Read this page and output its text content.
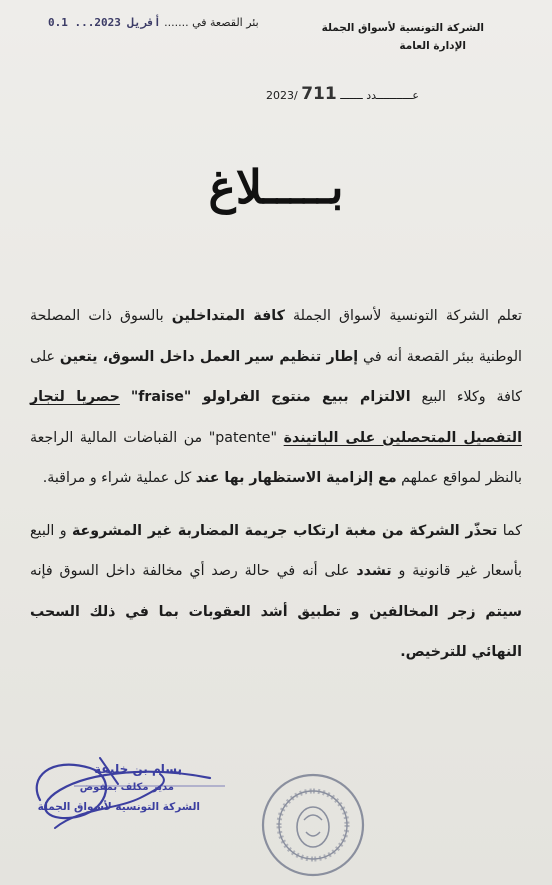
الشركة التونسية لأسواق الجملة
الإدارة العامة
0.1 ...أفريل 2023 بئر القصعة في .......
2023/	ـــــــ 711	عـــــــــــدد
بـــــلاغ

تعلم الشركة التونسية لأسواق الجملة كافة المتداخلين بالسوق ذات المصلحة الوطنية ببئر القصعة أنه في إطار تنظيم سير العمل داخل السوق، يتعين على كافة وكلاء البيع الالتزام ببيع منتوج الفراولو "fraise" حصريا لتجار التفصيل المتحصلين على الباتيندة "patente" من القباضات المالية الراجعة بالنظر لمواقع عملهم مع إلزامية الاستظهار بها عند كل عملية شراء و مراقبة.

كما تحذّر الشركة من مغبة ارتكاب جريمة المضاربة غير المشروعة و البيع بأسعار غير قانونية و تشدد على أنه في حالة رصد أي مخالفة داخل السوق فإنه سيتم زجر المخالفين و تطبيق أشد العقوبات بما في ذلك السحب النهائي للترخيص.

بسام بن خليفة
مدير مكلف بمفوض
الشركة التونسية لأسواق الجملة
